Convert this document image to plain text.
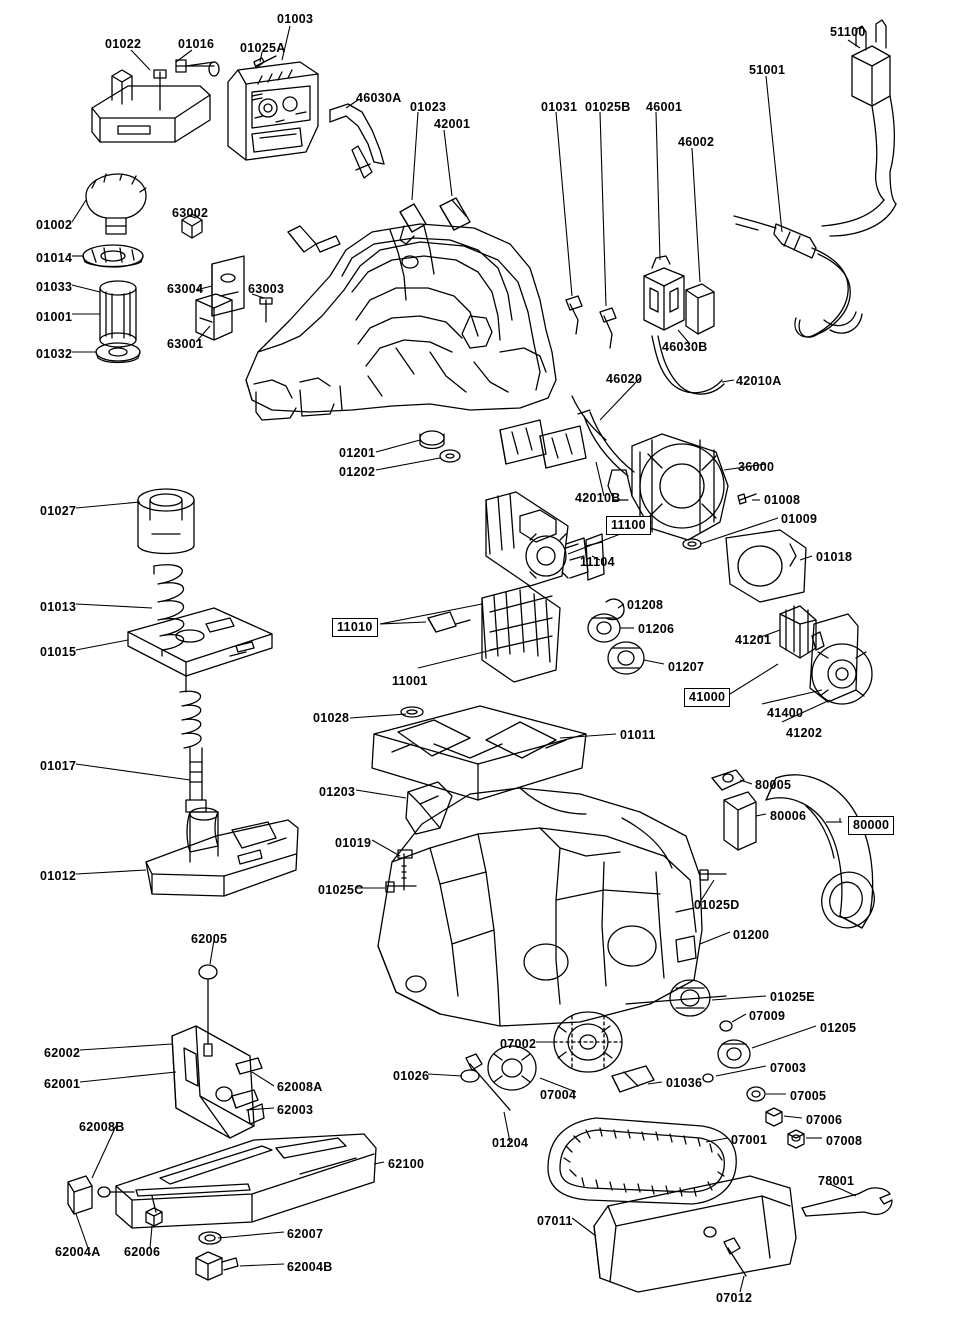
01022	01016
01003
01025A
46030A
01023
42001
01031 01025B 46001
46002
51001
51100
01002
63002
01014
01033	63004	63003
01001
63001
01032	46030B
46020	42010A
01201
01202	36000
42010B	01008
01009
01027
11100
01018
11104
01013	01208
11010	01206
41201
01015
01207
11001
41000
41400
41202
01028
01011
01017
01203	80005
80006
80000
01019
01012
01025C
01025D
01200
62005
01025E
07009
01205
62002
07003
07002
62001	62008A
01026
07005
62003
07004
01036
07006
62008B
07008
62100
01204	07001
78001
07011
62007
62004A 62006
62004B
07012
